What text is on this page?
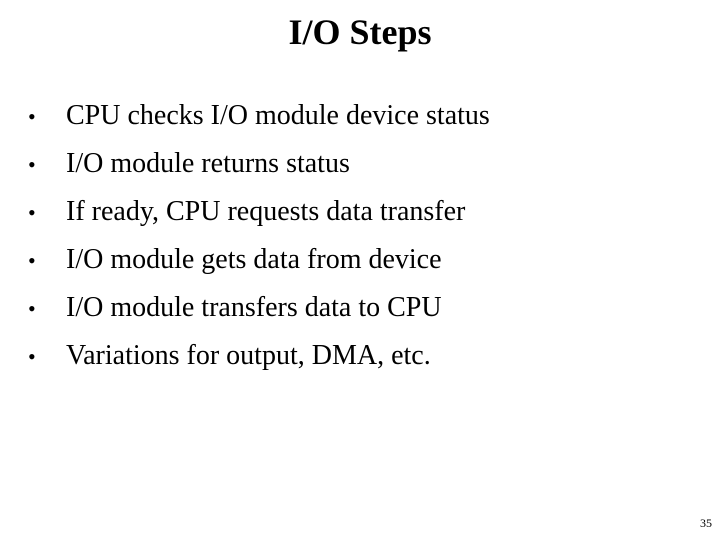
I/O Steps
•	CPU checks I/O module device status
•	I/O module returns status
•	If ready, CPU requests data transfer
•	I/O module gets data from device
•	I/O module transfers data to CPU
•	Variations for output, DMA, etc.
35
